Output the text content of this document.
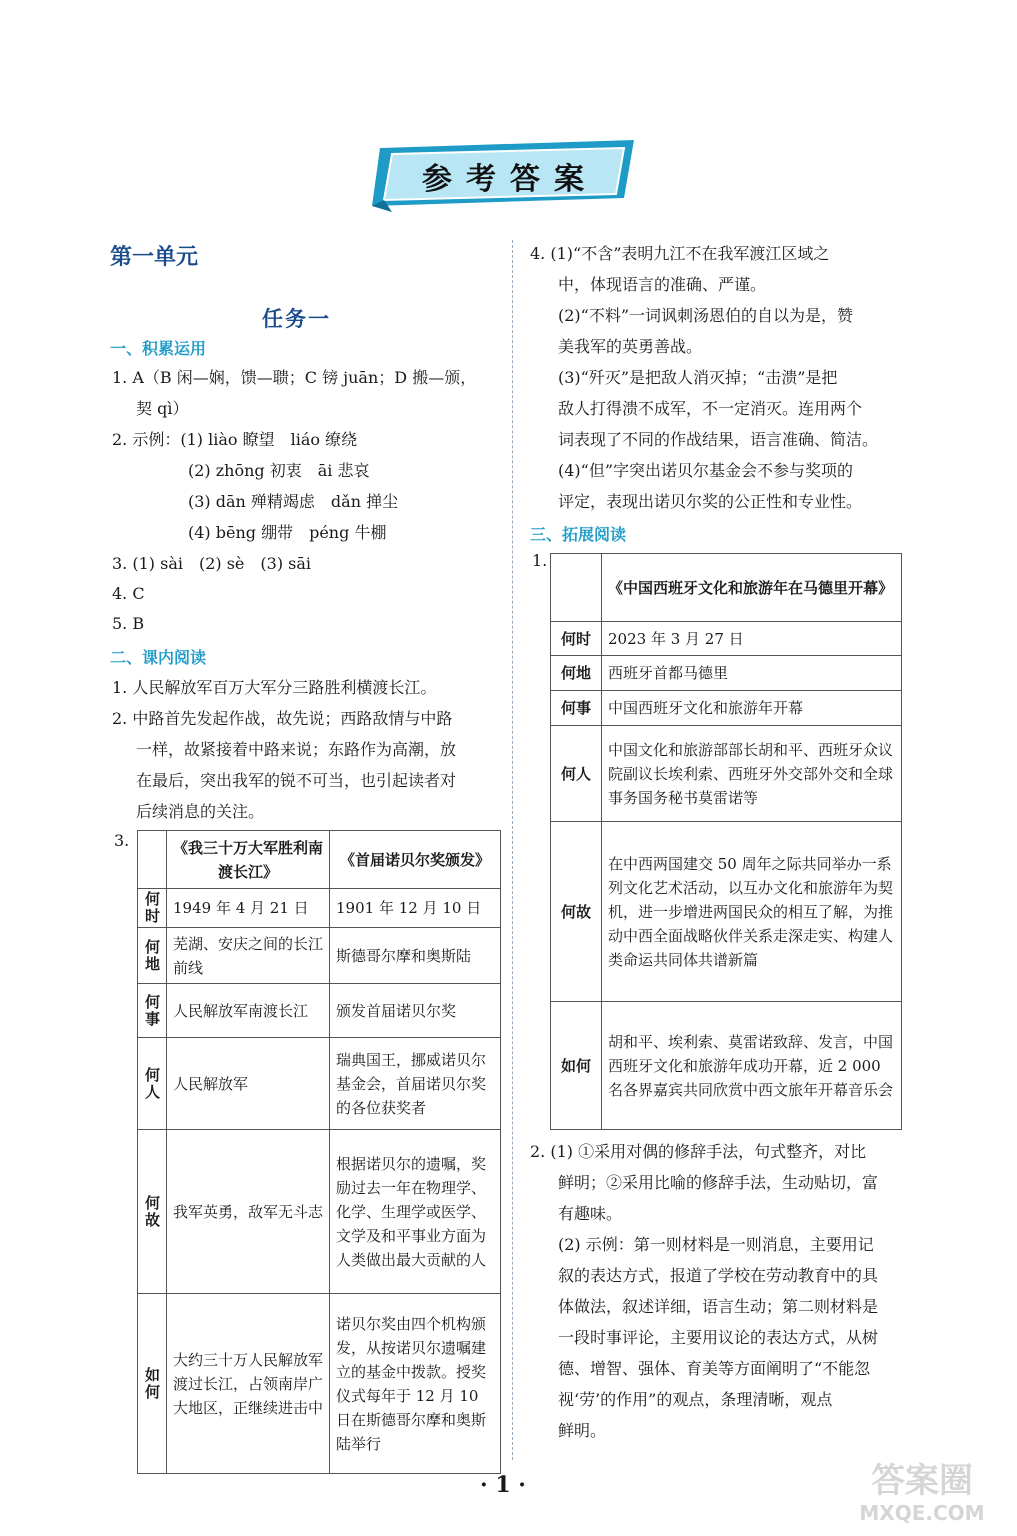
参考答案
第一单元
任务一
一、积累运用
1. A（B 闲—娴，馈—聩；C 镑 juān；D 搬—颁，
契 qì）
2. 示例：(1) liào 瞭望　liáo 缭绕
(2) zhōng 初衷　āi 悲哀
(3) dān 殚精竭虑　dǎn 掸尘
(4) bēng 绷带　péng 牛棚
3. (1) sài　(2) sè　(3) sāi
4. C
5. B
二、课内阅读
1. 人民解放军百万大军分三路胜利横渡长江。
2. 中路首先发起作战，故先说；西路敌情与中路
一样，故紧接着中路来说；东路作为高潮，放
在最后，突出我军的锐不可当，也引起读者对
后续消息的关注。
3.
		《我三十万大军胜利南渡长江》	《首届诺贝尔奖颁发》
何时	1949 年 4 月 21 日	1901 年 12 月 10 日
何地	芜湖、安庆之间的长江前线	斯德哥尔摩和奥斯陆
何事	人民解放军南渡长江	颁发首届诺贝尔奖
何人	人民解放军	瑞典国王，挪威诺贝尔基金会，首届诺贝尔奖的各位获奖者
何故	我军英勇，敌军无斗志	根据诺贝尔的遗嘱，奖励过去一年在物理学、化学、生理学或医学、文学及和平事业方面为人类做出最大贡献的人
如何	大约三十万人民解放军渡过长江，占领南岸广大地区，正继续进击中	诺贝尔奖由四个机构颁发，从按诺贝尔遗嘱建立的基金中拨款。授奖仪式每年于 12 月 10 日在斯德哥尔摩和奥斯陆举行
4. (1)“不含”表明九江不在我军渡江区域之
中，体现语言的准确、严谨。
(2)“不料”一词讽刺汤恩伯的自以为是，赞
美我军的英勇善战。
(3)“歼灭”是把敌人消灭掉；“击溃”是把
敌人打得溃不成军，不一定消灭。连用两个
词表现了不同的作战结果，语言准确、简洁。
(4)“但”字突出诺贝尔基金会不参与奖项的
评定，表现出诺贝尔奖的公正性和专业性。
三、拓展阅读
1.
	《中国西班牙文化和旅游年在马德里开幕》
何时	2023 年 3 月 27 日
何地	西班牙首都马德里
何事	中国西班牙文化和旅游年开幕
何人	中国文化和旅游部部长胡和平、西班牙众议院副议长埃利索、西班牙外交部外交和全球事务国务秘书莫雷诺等
何故	在中西两国建交 50 周年之际共同举办一系列文化艺术活动，以互办文化和旅游年为契机，进一步增进两国民众的相互了解，为推动中西全面战略伙伴关系走深走实、构建人类命运共同体共谱新篇
如何	胡和平、埃利索、莫雷诺致辞、发言，中国西班牙文化和旅游年成功开幕，近 2 000 名各界嘉宾共同欣赏中西文旅年开幕音乐会
2. (1) ①采用对偶的修辞手法，句式整齐，对比
鲜明；②采用比喻的修辞手法，生动贴切，富
有趣味。
(2) 示例：第一则材料是一则消息，主要用记
叙的表达方式，报道了学校在劳动教育中的具
体做法，叙述详细，语言生动；第二则材料是
一段时事评论，主要用议论的表达方式，从树
德、增智、强体、育美等方面阐明了“不能忽
视‘劳’的作用”的观点，条理清晰，观点
鲜明。
· 1 ·	答案圈
MXQE.COM
